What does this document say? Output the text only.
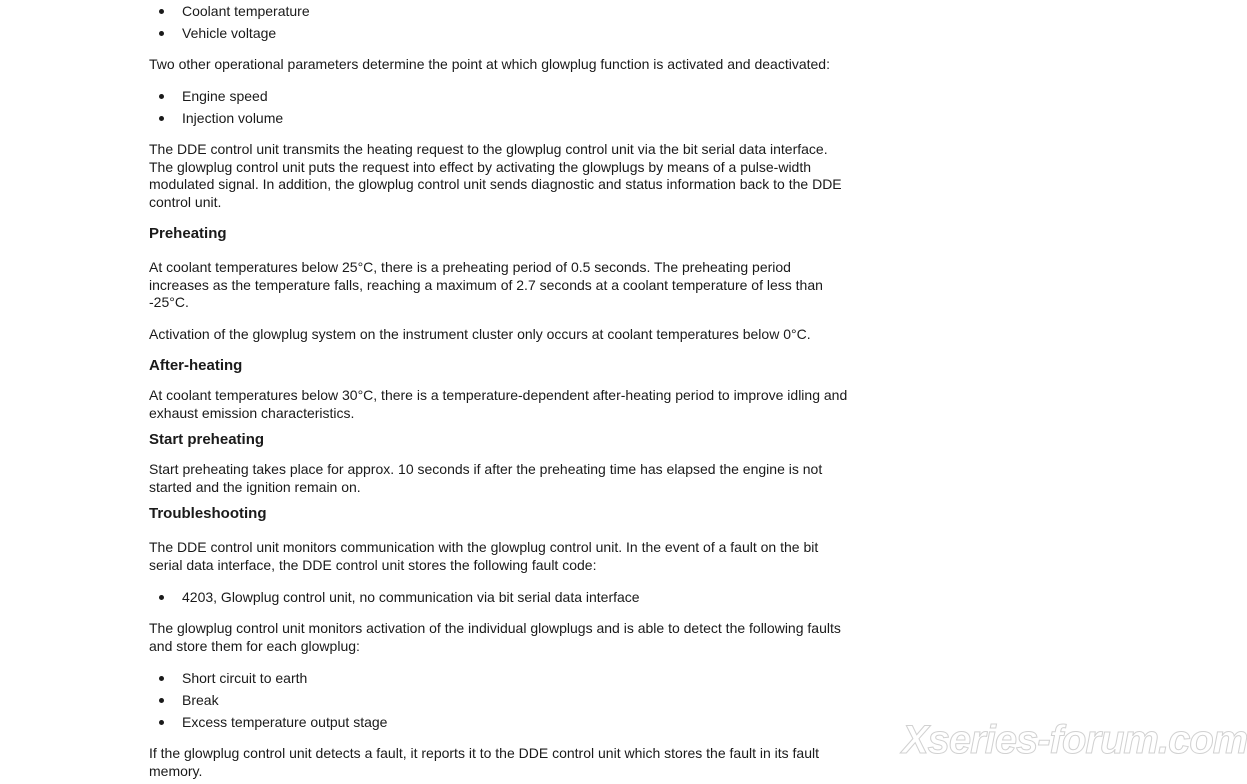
Coolant temperature
Vehicle voltage
Two other operational parameters determine the point at which glowplug function is activated and deactivated:
Engine speed
Injection volume
The DDE control unit transmits the heating request to the glowplug control unit via the bit serial data interface.
The glowplug control unit puts the request into effect by activating the glowplugs by means of a pulse-width
modulated signal. In addition, the glowplug control unit sends diagnostic and status information back to the DDE
control unit.
Preheating
At coolant temperatures below 25°C, there is a preheating period of 0.5 seconds. The preheating period
increases as the temperature falls, reaching a maximum of 2.7 seconds at a coolant temperature of less than
-25°C.
Activation of the glowplug system on the instrument cluster only occurs at coolant temperatures below 0°C.
After-heating
At coolant temperatures below 30°C, there is a temperature-dependent after-heating period to improve idling and
exhaust emission characteristics.
Start preheating
Start preheating takes place for approx. 10 seconds if after the preheating time has elapsed the engine is not
started and the ignition remain on.
Troubleshooting
The DDE control unit monitors communication with the glowplug control unit. In the event of a fault on the bit
serial data interface, the DDE control unit stores the following fault code:
4203, Glowplug control unit, no communication via bit serial data interface
The glowplug control unit monitors activation of the individual glowplugs and is able to detect the following faults
and store them for each glowplug:
Short circuit to earth
Break
Excess temperature output stage
If the glowplug control unit detects a fault, it reports it to the DDE control unit which stores the fault in its fault
memory.
Xseries-forum.com
